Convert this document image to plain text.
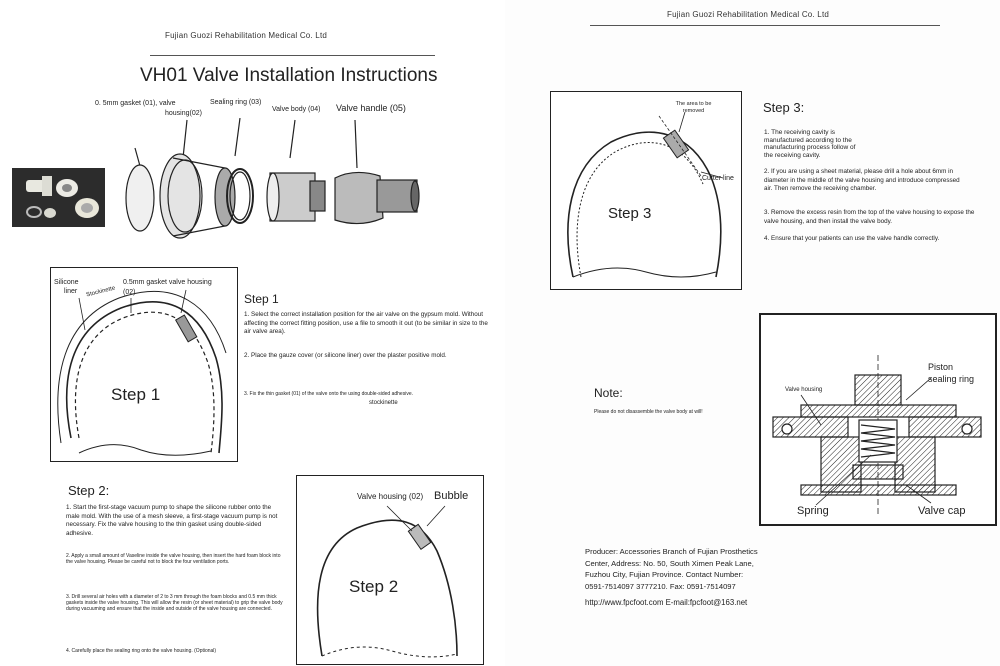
Fujian Guozi Rehabilitation Medical Co. Ltd
VH01 Valve Installation Instructions
0. 5mm gasket (01), valve
housing(02)
Sealing ring (03)
Valve body (04) Valve handle (05)
Silicone
liner Stockinette
0.5mm gasket valve housing
(02)
Step 1
Step 1
1. Select the correct installation position for the air valve on the gypsum mold. Without affecting the correct fitting position, use a file to smooth it out (to be similar in size to the air valve area).
2. Place the gauze cover (or silicone liner) over the plaster positive mold.
3. Fix the thin gasket (01) of the valve onto the using double-sided adhesive.
stockinette
Step 2:
1. Start the first-stage vacuum pump to shape the silicone rubber onto the male mold. With the use of a mesh sleeve, a first-stage vacuum pump is not necessary. Fix the valve housing to the thin gasket using double-sided adhesive.
2. Apply a small amount of Vaseline inside the valve housing, then insert the hard foam block into the valve housing. Please be careful not to block the four ventilation ports.
3. Drill several air holes with a diameter of 2 to 3 mm through the foam blocks and 0.5 mm thick gaskets inside the valve housing. This will allow the resin (or sheet material) to grip the valve body during vacuuming and ensure that the inside and outside of the valve housing are connected.
4. Carefully place the sealing ring onto the valve housing. (Optional)
Valve housing (02) Bubble
Step 2
Fujian Guozi Rehabilitation Medical Co. Ltd
The area to be removed
Cutter line
Step 3
Step 3:
1. The receiving cavity is manufactured according to the manufacturing process follow of the receiving cavity.
2. If you are using a sheet material, please drill a hole about 6mm in diameter in the middle of the valve housing and introduce compressed air. Then remove the receiving chamber.
3. Remove the excess resin from the top of the valve housing to expose the valve housing, and then install the valve body.
4. Ensure that your patients can use the valve handle correctly.
Valve housing
Piston
sealing ring
Spring	Valve cap
Note:
Please do not disassemble the valve body at will!

Producer: Accessories Branch of Fujian Prosthetics

Center, Address: No. 50, South Ximen Peak Lane,

Fuzhou City, Fujian Province. Contact Number:

0591-7514097 3777210. Fax: 0591-7514097

http://www.fpcfoot.com E-mail:fpcfoot@163.net
